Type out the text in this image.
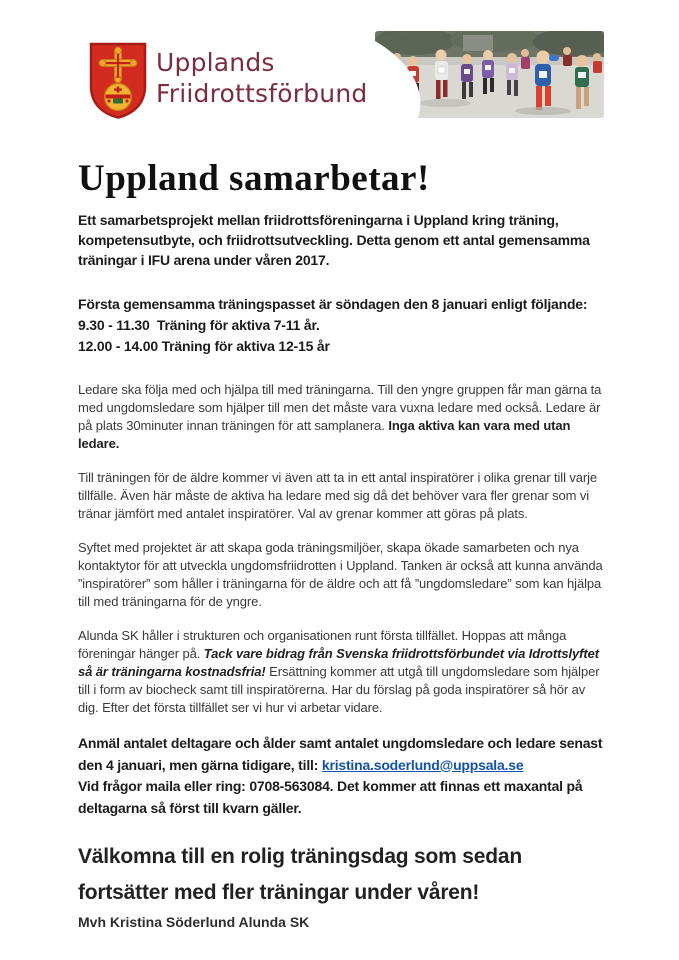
Upplands
Friidrottsförbund
Uppland samarbetar!

Ett samarbetsprojekt mellan friidrottsföreningarna i Uppland kring träning, kompetensutbyte, och friidrottsutveckling. Detta genom ett antal gemensamma träningar i IFU arena under våren 2017.

Första gemensamma träningspasset är söndagen den 8 januari enligt följande:
9.30 - 11.30  Träning för aktiva 7-11 år.
12.00 - 14.00 Träning för aktiva 12-15 år

Ledare ska följa med och hjälpa till med träningarna. Till den yngre gruppen får man gärna ta med ungdomsledare som hjälper till men det måste vara vuxna ledare med också. Ledare är på plats 30minuter innan träningen för att samplanera. Inga aktiva kan vara med utan ledare.

Till träningen för de äldre kommer vi även att ta in ett antal inspiratörer i olika grenar till varje tillfälle. Även här måste de aktiva ha ledare med sig då det behöver vara fler grenar som vi tränar jämfört med antalet inspiratörer. Val av grenar kommer att göras på plats.

Syftet med projektet är att skapa goda träningsmiljöer, skapa ökade samarbeten och nya kontaktytor för att utveckla ungdomsfriidrotten i Uppland. Tanken är också att kunna använda ”inspiratörer” som håller i träningarna för de äldre och att få ”ungdomsledare” som kan hjälpa till med träningarna för de yngre.

Alunda SK håller i strukturen och organisationen runt första tillfället. Hoppas att många föreningar hänger på. Tack vare bidrag från Svenska friidrottsförbundet via Idrottslyftet så är träningarna kostnadsfria! Ersättning kommer att utgå till ungdomsledare som hjälper till i form av biocheck samt till inspiratörerna. Har du förslag på goda inspiratörer så hör av dig. Efter det första tillfället ser vi hur vi arbetar vidare.

Anmäl antalet deltagare och ålder samt antalet ungdomsledare och ledare senast den 4 januari, men gärna tidigare, till: kristina.soderlund@uppsala.se
Vid frågor maila eller ring: 0708-563084. Det kommer att finnas ett maxantal på deltagarna så först till kvarn gäller.

Välkomna till en rolig träningsdag som sedan fortsätter med fler träningar under våren!

Mvh Kristina Söderlund Alunda SK
